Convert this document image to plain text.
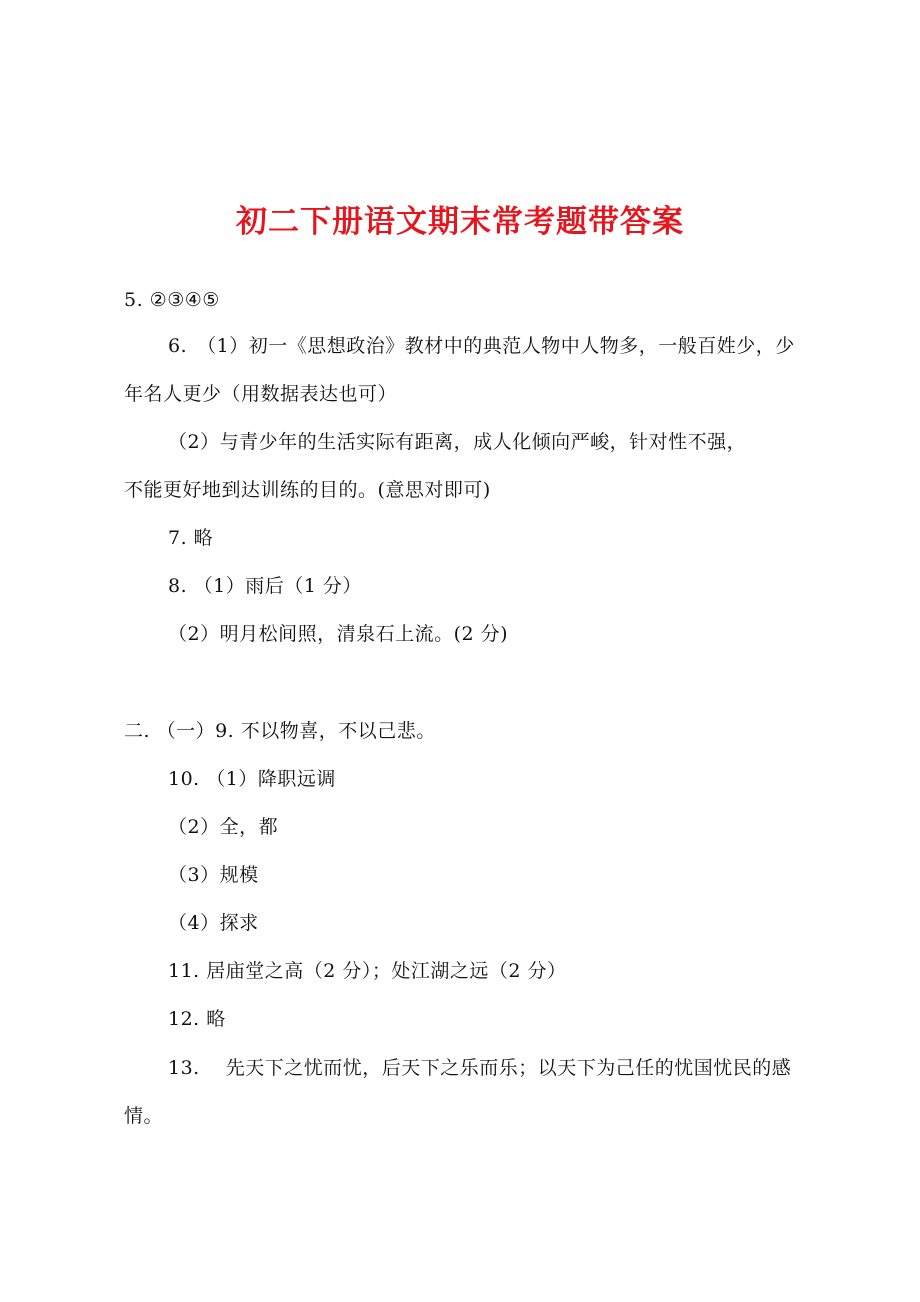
初二下册语文期末常考题带答案
5. ②③④⑤
6.　（1）初一《思想政治》教材中的典范人物中人物多，一般百姓少，少年名人更少（用数据表达也可）
（2）与青少年的生活实际有距离，成人化倾向严峻，针对性不强，
不能更好地到达训练的目的。(意思对即可)
7. 略
8. （1）雨后（1 分）
（2）明月松间照，清泉石上流。(2 分)
二. （一）9. 不以物喜，不以己悲。
10. （1）降职远调
（2）全，都
（3）规模
（4）探求
11. 居庙堂之高（2 分）；处江湖之远（2 分）
12. 略
13.　 先天下之忧而忧，后天下之乐而乐；以天下为己任的忧国忧民的感情。
